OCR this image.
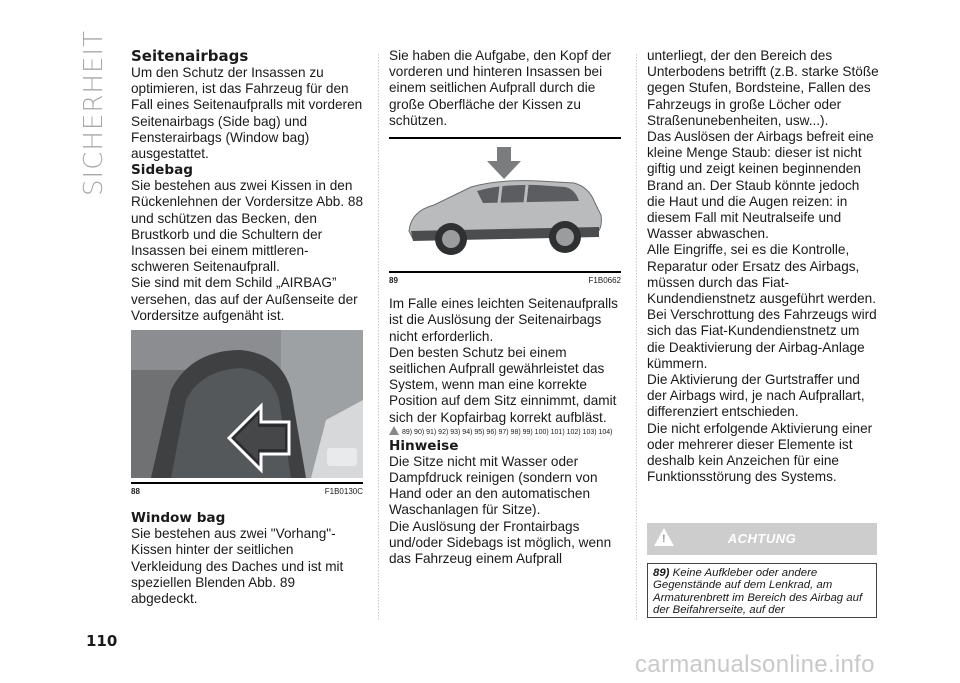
SICHERHEIT Seitenairbags

Um den Schutz der Insassen zu optimieren, ist das Fahrzeug für den Fall eines Seitenaufpralls mit vorderen Seitenairbags (Side bag) und Fensterairbags (Window bag) ausgestattet.

Sidebag

Sie bestehen aus zwei Kissen in den Rückenlehnen der Vordersitze Abb. 88 und schützen das Becken, den Brustkorb und die Schultern der Insassen bei einem mittleren-schweren Seitenaufprall.

Sie sind mit dem Schild „AIRBAG” versehen, das auf der Außenseite der Vordersitze aufgenäht ist.

88	F1B0130C

Window bag

Sie bestehen aus zwei "Vorhang"-Kissen hinter der seitlichen Verkleidung des Daches und ist mit speziellen Blenden Abb. 89 abgedeckt.

Sie haben die Aufgabe, den Kopf der vorderen und hinteren Insassen bei einem seitlichen Aufprall durch die große Oberfläche der Kissen zu schützen.

89	F1B0662

Im Falle eines leichten Seitenaufpralls ist die Auslösung der Seitenairbags nicht erforderlich.

Den besten Schutz bei einem seitlichen Aufprall gewährleistet das System, wenn man eine korrekte Position auf dem Sitz einnimmt, damit sich der Kopfairbag korrekt aufbläst.

89) 90) 91) 92) 93) 94) 95) 96) 97) 98) 99) 100) 101) 102) 103) 104)

Hinweise

Die Sitze nicht mit Wasser oder Dampfdruck reinigen (sondern von Hand oder an den automatischen Waschanlagen für Sitze).

Die Auslösung der Frontairbags und/oder Sidebags ist möglich, wenn das Fahrzeug einem Aufprall

unterliegt, der den Bereich des Unterbodens betrifft (z.B. starke Stöße gegen Stufen, Bordsteine, Fallen des Fahrzeugs in große Löcher oder Straßenunebenheiten, usw...).

Das Auslösen der Airbags befreit eine kleine Menge Staub: dieser ist nicht giftig und zeigt keinen beginnenden Brand an. Der Staub könnte jedoch die Haut und die Augen reizen: in diesem Fall mit Neutralseife und Wasser abwaschen.

Alle Eingriffe, sei es die Kontrolle, Reparatur oder Ersatz des Airbags, müssen durch das Fiat-Kundendienstnetz ausgeführt werden.

Bei Verschrottung des Fahrzeugs wird sich das Fiat-Kundendienstnetz um die Deaktivierung der Airbag-Anlage kümmern.

Die Aktivierung der Gurtstraffer und der Airbags wird, je nach Aufprallart, differenziert entschieden.

Die nicht erfolgende Aktivierung einer oder mehrerer dieser Elemente ist deshalb kein Anzeichen für eine Funktionsstörung des Systems.

!	ACHTUNG
89) Keine Aufkleber oder andere Gegenstände auf dem Lenkrad, am Armaturenbrett im Bereich des Airbag auf der Beifahrerseite, auf der
110
carmanualsonline.info
